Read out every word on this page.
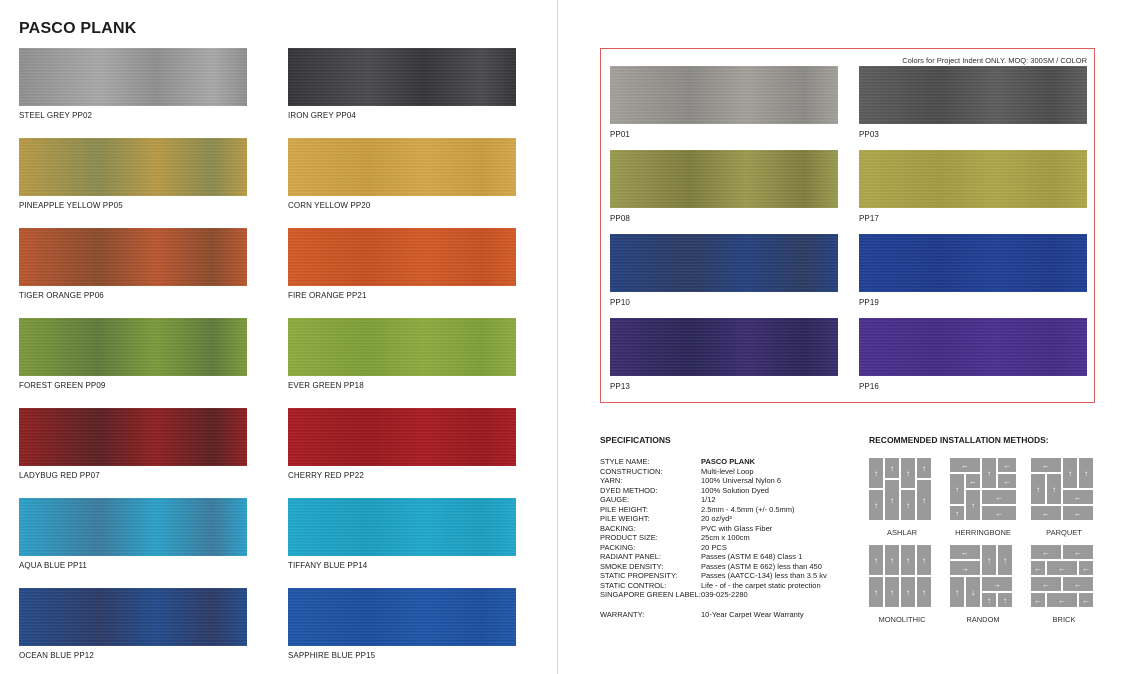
PASCO PLANK
STEEL GREY PP02	IRON GREY PP04
PINEAPPLE YELLOW PP05	CORN YELLOW PP20
TIGER ORANGE PP06	FIRE ORANGE PP21
FOREST GREEN PP09	EVER GREEN PP18
LADYBUG RED PP07	CHERRY RED PP22
AQUA BLUE PP11	TIFFANY BLUE PP14
OCEAN BLUE PP12	SAPPHIRE BLUE PP15
Colors for Project Indent ONLY. MOQ: 300SM / COLOR
PP01	PP03
PP08	PP17
PP10	PP19
PP13	PP16
SPECIFICATIONS
STYLE NAME:	PASCO PLANK
CONSTRUCTION:	Multi-level Loop
YARN:	100% Universal Nylon 6
DYED METHOD:	100% Solution Dyed
GAUGE:	1/12
PILE HEIGHT:	2.5mm - 4.5mm (+/- 0.5mm)
PILE WEIGHT:	20 oz/yd²
BACKING:	PVC with Glass Fiber
PRODUCT SIZE:	25cm x 100cm
PACKING:	20 PCS
RADIANT PANEL:	Passes (ASTM E 648) Class 1
SMOKE DENSITY:	Passes (ASTM E 662) less than 450
STATIC PROPENSITY:	Passes (AATCC-134) less than 3.5 kv
STATIC CONTROL:	Life - of - the carpet static protection
SINGAPORE GREEN LABEL: 039-025-2280
WARRANTY:	10-Year Carpet Wear Warranty
RECOMMENDED INSTALLATION METHODS:
↑
↑
↑
↑
↑
↑
↑
↑
ASHLAR
←
↑
←
↑
←
←
↑
↑
←
←
HERRINGBONE
←
↑ ↑
↑ ↑
←
←
←
PARQUET
↑ ↑ ↑ ↑
↑ ↑ ↑ ↑
MONOLITHIC
←
↑ ↑
→
↑ ↓
→
↑ ↑
RANDOM
←	←
← ← ←
←	←
← ← ←
BRICK
